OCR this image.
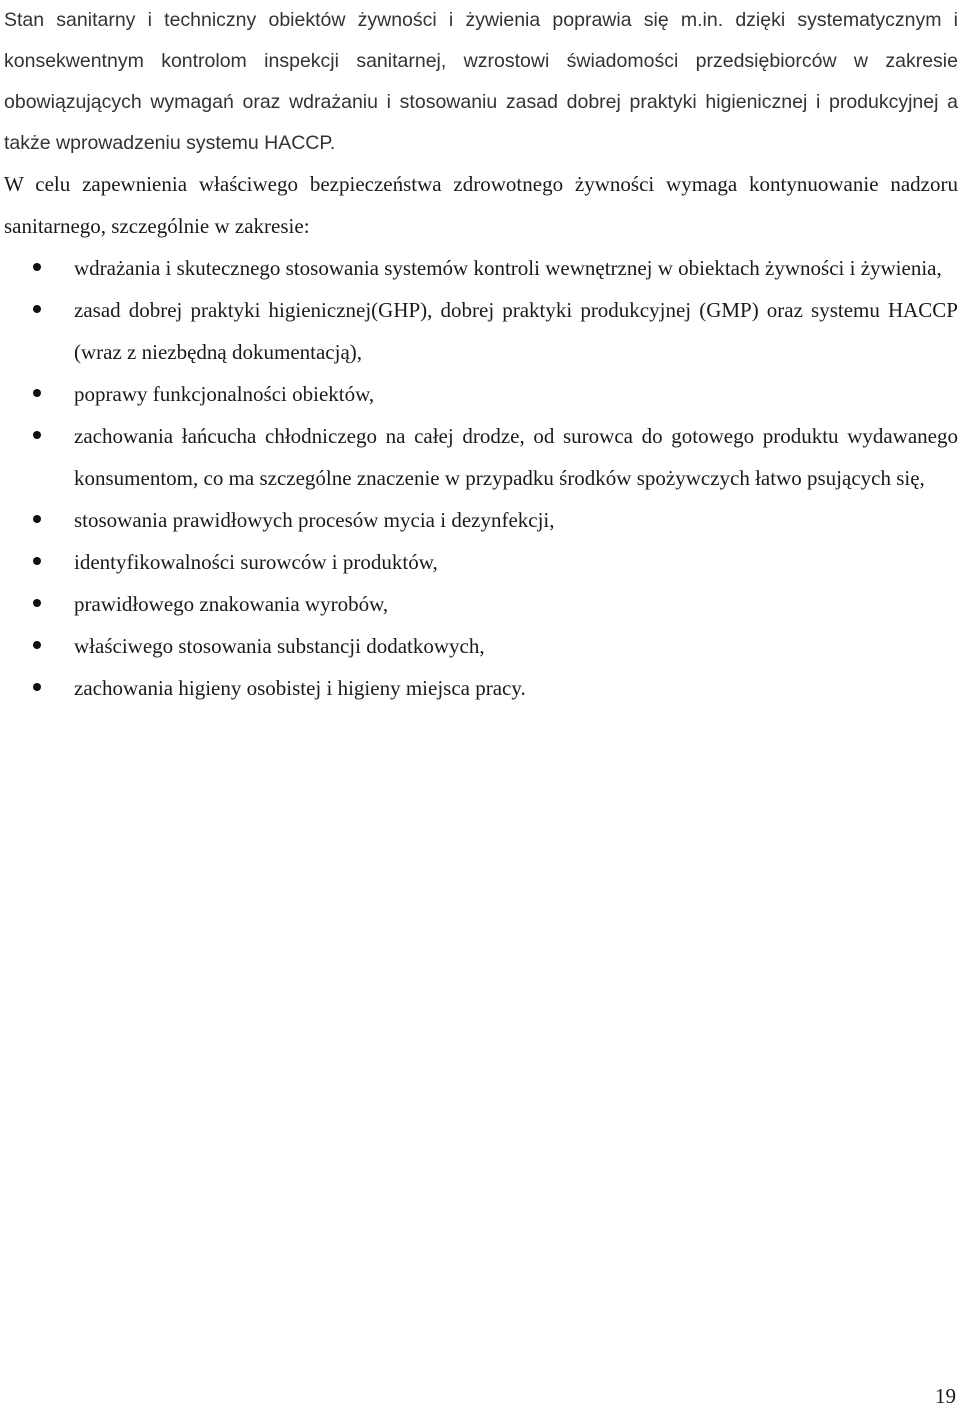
Stan sanitarny i techniczny obiektów żywności i żywienia poprawia się m.in. dzięki systematycznym i konsekwentnym kontrolom inspekcji sanitarnej, wzrostowi świadomości przedsiębiorców w zakresie obowiązujących wymagań oraz wdrażaniu i stosowaniu zasad dobrej praktyki higienicznej i produkcyjnej a także wprowadzeniu systemu HACCP.

W celu zapewnienia właściwego bezpieczeństwa zdrowotnego żywności wymaga kontynuowanie nadzoru sanitarnego, szczególnie w zakresie:

wdrażania i skutecznego stosowania systemów kontroli wewnętrznej w obiektach żywności i żywienia,
zasad dobrej praktyki higienicznej(GHP), dobrej praktyki produkcyjnej (GMP) oraz systemu HACCP (wraz z niezbędną dokumentacją),
poprawy funkcjonalności obiektów,
zachowania łańcucha chłodniczego na całej drodze, od surowca do gotowego produktu wydawanego konsumentom, co ma szczególne znaczenie w przypadku środków spożywczych łatwo psujących się,
stosowania prawidłowych procesów mycia i dezynfekcji,
identyfikowalności surowców i produktów,
prawidłowego znakowania wyrobów,
właściwego stosowania substancji dodatkowych,
zachowania higieny osobistej i higieny miejsca pracy.
19
